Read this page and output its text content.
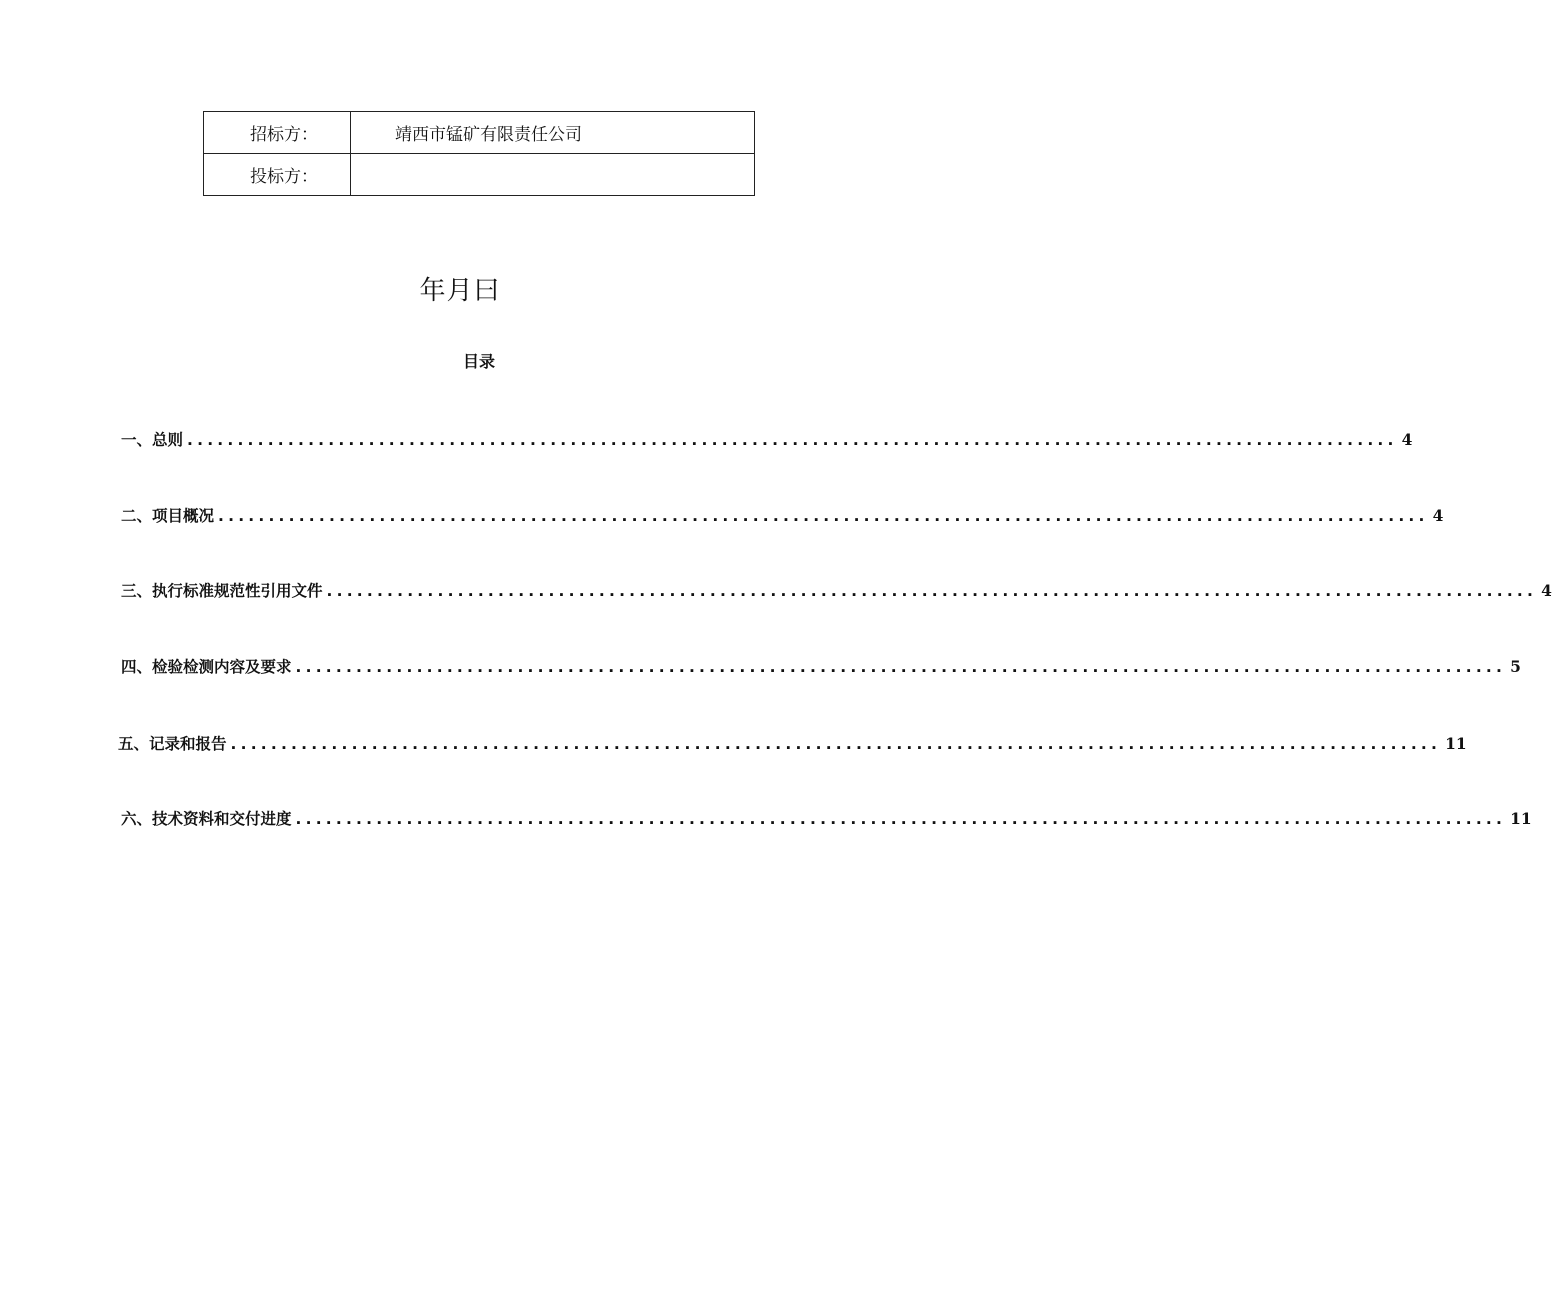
招标方：	靖西市锰矿有限责任公司
投标方：	
年月曰
目录
一、总则 ........................................................................................................................ 4
二、项目概况 ........................................................................................................................ 4
三、执行标准规范性引用文件 ........................................................................................................................ 4
四、检验检测内容及要求 ........................................................................................................................ 5
五、记录和报告 ........................................................................................................................ 11
六、技术资料和交付进度 ........................................................................................................................ 11
